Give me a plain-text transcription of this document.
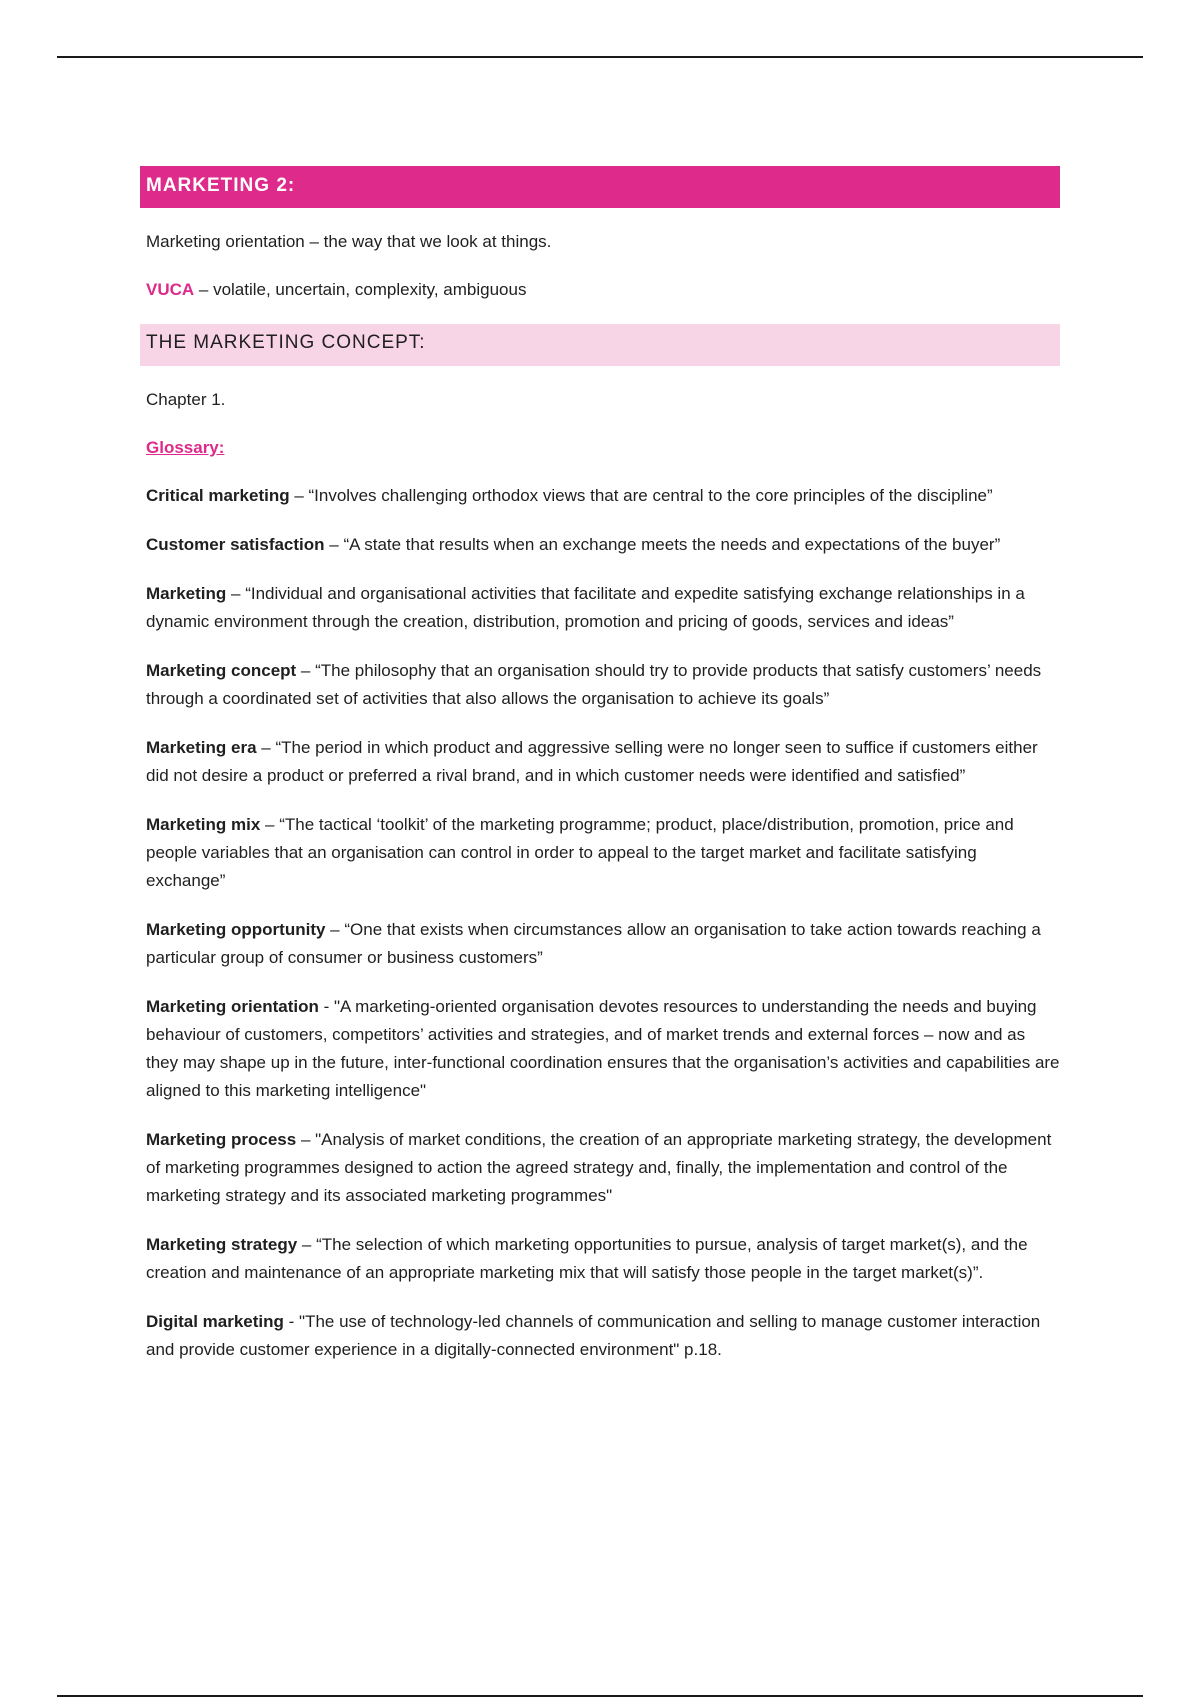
MARKETING 2:

Marketing orientation – the way that we look at things.

VUCA – volatile, uncertain, complexity, ambiguous

THE MARKETING CONCEPT:

Chapter 1.

Glossary:

Critical marketing – “Involves challenging orthodox views that are central to the core principles of the discipline”

Customer satisfaction – “A state that results when an exchange meets the needs and expectations of the buyer”

Marketing – “Individual and organisational activities that facilitate and expedite satisfying exchange relationships in a dynamic environment through the creation, distribution, promotion and pricing of goods, services and ideas”

Marketing concept – “The philosophy that an organisation should try to provide products that satisfy customers’ needs through a coordinated set of activities that also allows the organisation to achieve its goals”

Marketing era – “The period in which product and aggressive selling were no longer seen to suffice if customers either did not desire a product or preferred a rival brand, and in which customer needs were identified and satisfied”

Marketing mix – “The tactical ‘toolkit’ of the marketing programme; product, place/distribution, promotion, price and people variables that an organisation can control in order to appeal to the target market and facilitate satisfying exchange”

Marketing opportunity – “One that exists when circumstances allow an organisation to take action towards reaching a particular group of consumer or business customers”

Marketing orientation - "A marketing-oriented organisation devotes resources to understanding the needs and buying behaviour of customers, competitors’ activities and strategies, and of market trends and external forces – now and as they may shape up in the future, inter-functional coordination ensures that the organisation’s activities and capabilities are aligned to this marketing intelligence"

Marketing process – "Analysis of market conditions, the creation of an appropriate marketing strategy, the development of marketing programmes designed to action the agreed strategy and, finally, the implementation and control of the marketing strategy and its associated marketing programmes"

Marketing strategy – “The selection of which marketing opportunities to pursue, analysis of target market(s), and the creation and maintenance of an appropriate marketing mix that will satisfy those people in the target market(s)”.

Digital marketing - "The use of technology-led channels of communication and selling to manage customer interaction and provide customer experience in a digitally-connected environment" p.18.
